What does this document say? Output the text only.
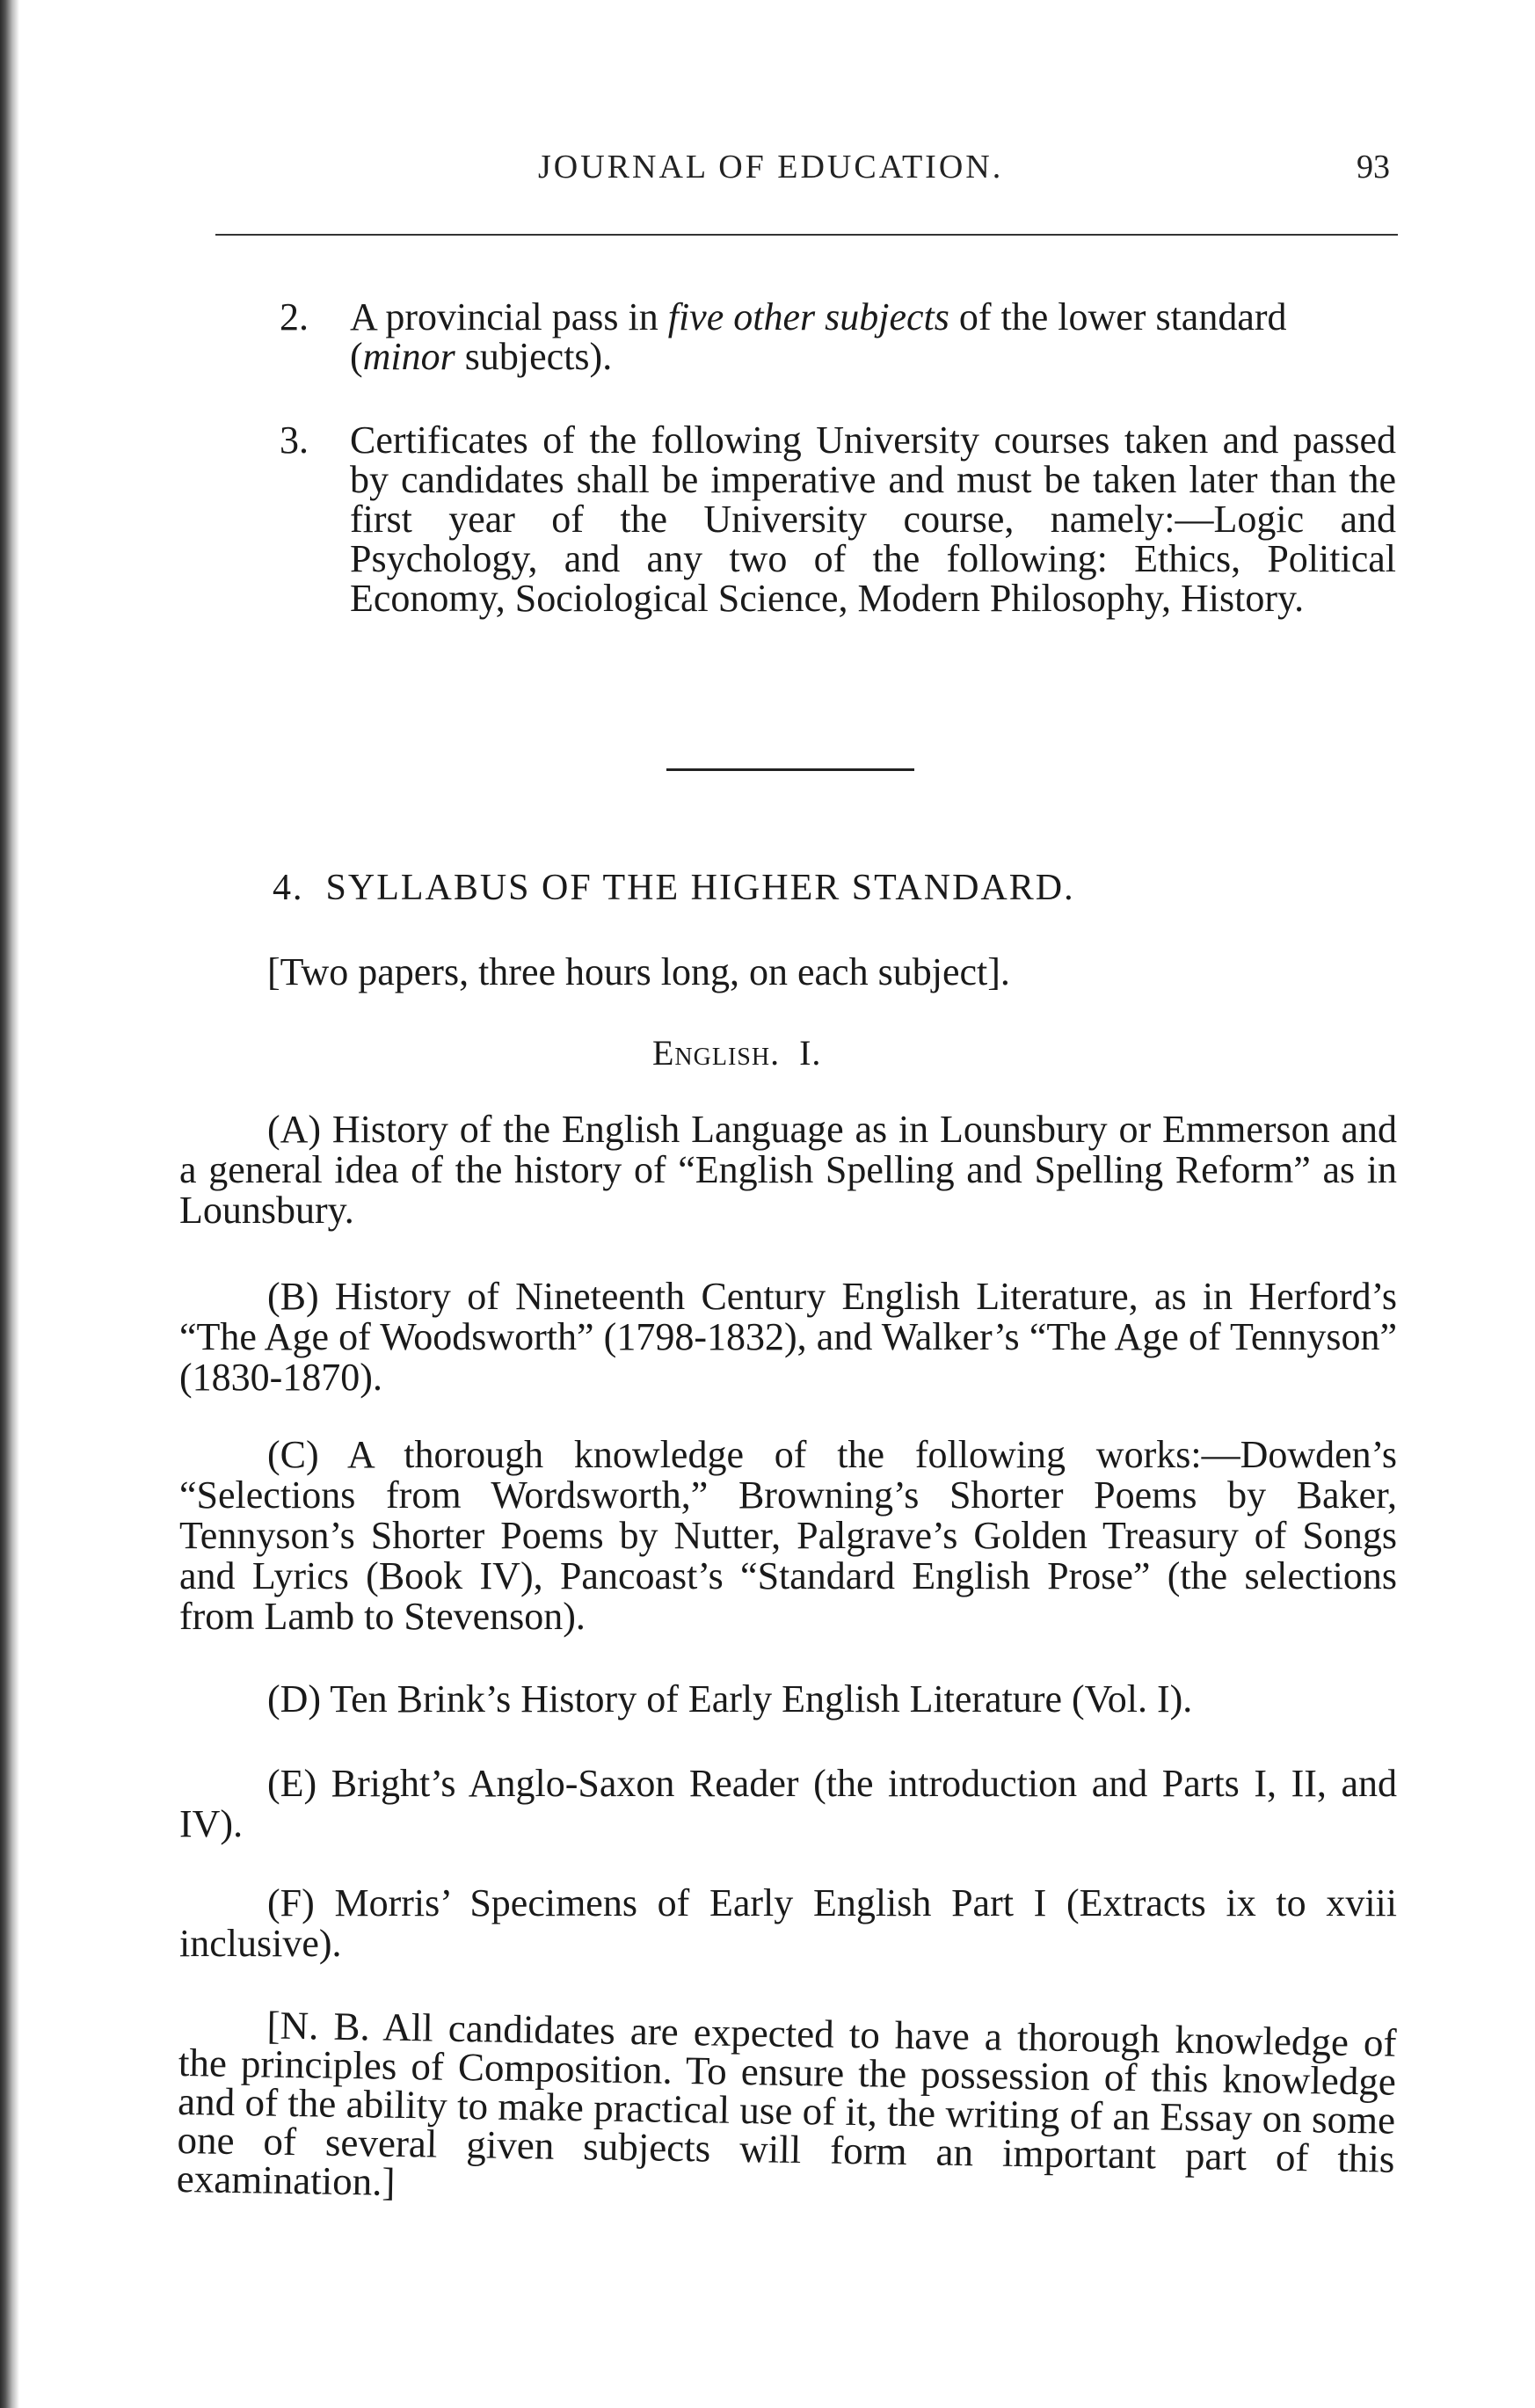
JOURNAL OF EDUCATION.	93
2. A provincial pass in five other subjects of the lower standard (minor subjects).
3. Certificates of the following University courses taken and passed by candidates shall be imperative and must be taken later than the first year of the University course, namely:—Logic and Psychology, and any two of the following: Ethics, Political Economy, Sociological Science, Modern Philosophy, History.
4.  SYLLABUS OF THE HIGHER STANDARD.
[Two papers, three hours long, on each subject].
English.  I.

(A) History of the English Language as in Lounsbury or Emmerson and a general idea of the history of “English Spelling and Spelling Reform” as in Lounsbury.

(B) History of Nineteenth Century English Literature, as in Herford’s “The Age of Woodsworth” (1798-1832), and Walker’s “The Age of Tennyson” (1830-1870).

(C) A thorough knowledge of the following works:—Dowden’s “Selections from Wordsworth,” Browning’s Shorter Poems by Baker, Tennyson’s Shorter Poems by Nutter, Palgrave’s Golden Treasury of Songs and Lyrics (Book IV), Pancoast’s “Standard English Prose” (the selections from Lamb to Stevenson).

(D) Ten Brink’s History of Early English Literature (Vol. I).

(E) Bright’s Anglo-Saxon Reader (the introduction and Parts I, II, and IV).

(F) Morris’ Specimens of Early English Part I (Extracts ix to xviii inclusive).

[N. B. All candidates are expected to have a thorough knowledge of the principles of Composition. To ensure the possession of this knowledge and of the ability to make practical use of it, the writing of an Essay on some one of several given subjects will form an important part of this examination.]
